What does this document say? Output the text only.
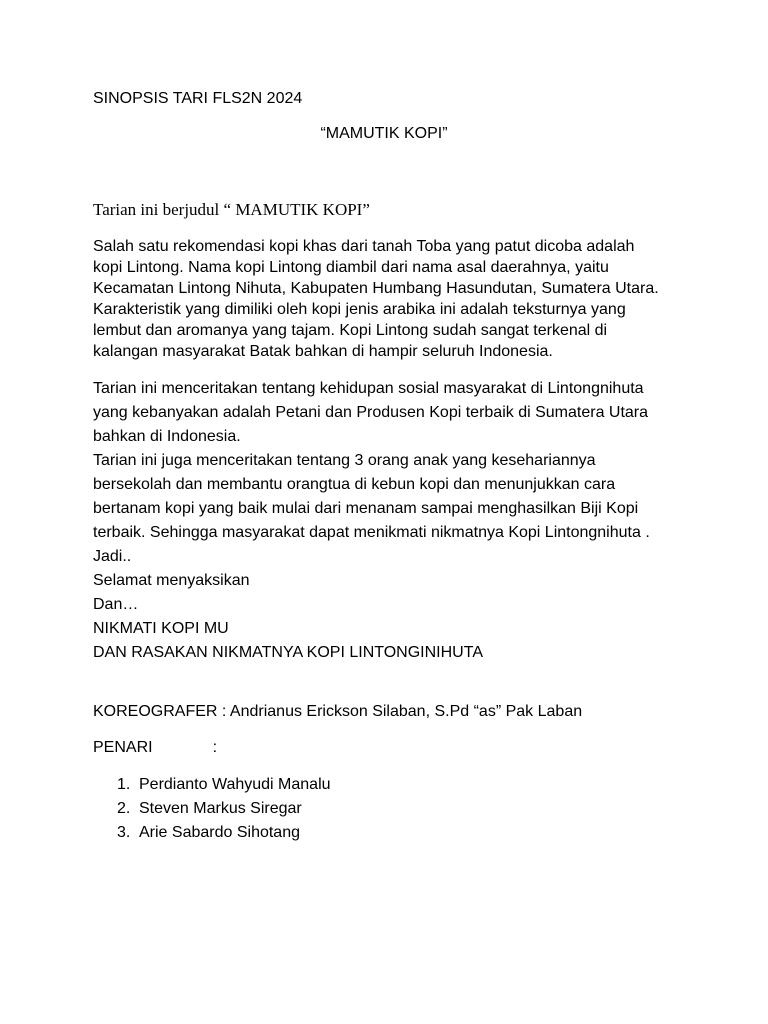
SINOPSIS TARI FLS2N 2024
“MAMUTIK KOPI”
Tarian ini berjudul “ MAMUTIK KOPI”
Salah satu rekomendasi kopi khas dari tanah Toba yang patut dicoba adalah
kopi Lintong. Nama kopi Lintong diambil dari nama asal daerahnya, yaitu
Kecamatan Lintong Nihuta, Kabupaten Humbang Hasundutan, Sumatera Utara.
Karakteristik yang dimiliki oleh kopi jenis arabika ini adalah teksturnya yang
lembut dan aromanya yang tajam. Kopi Lintong sudah sangat terkenal di
kalangan masyarakat Batak bahkan di hampir seluruh Indonesia.
Tarian ini menceritakan tentang kehidupan sosial masyarakat di Lintongnihuta
yang kebanyakan adalah Petani dan Produsen Kopi terbaik di Sumatera Utara
bahkan di Indonesia.
Tarian ini juga menceritakan tentang 3 orang anak yang kesehariannya
bersekolah dan membantu orangtua di kebun kopi dan menunjukkan cara
bertanam kopi yang baik mulai dari menanam sampai menghasilkan Biji Kopi
terbaik. Sehingga masyarakat dapat menikmati nikmatnya Kopi Lintongnihuta .
Jadi..
Selamat menyaksikan
Dan…
NIKMATI KOPI MU
DAN RASAKAN NIKMATNYA KOPI LINTONGINIHUTA
KOREOGRAFER : Andrianus Erickson Silaban, S.Pd “as” Pak Laban
PENARI	:
1. Perdianto Wahyudi Manalu
2. Steven Markus Siregar
3. Arie Sabardo Sihotang
